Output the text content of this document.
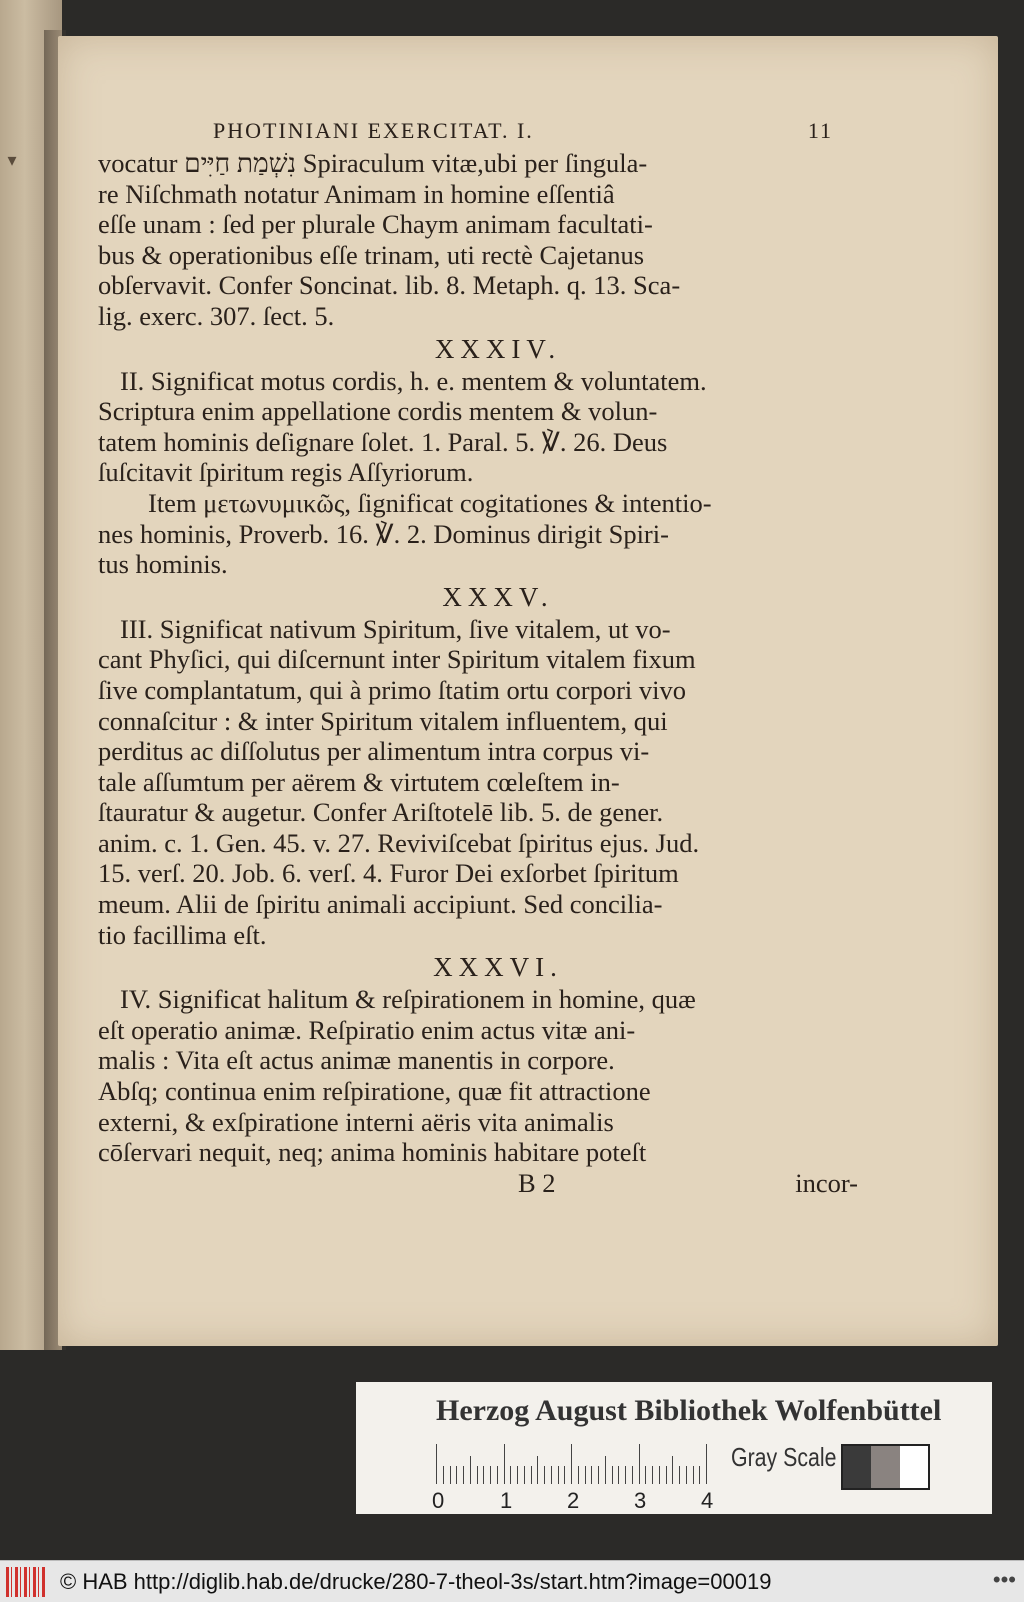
▾
PHOTINIANI EXERCITAT. I.	11
vocatur נִשְׁמַת חַיִּים Spiraculum vitæ,ubi per ſingula-
re Niſchmath notatur Animam in homine eſſentiâ
eſſe unam : ſed per plurale Chaym animam facultati-
bus & operationibus eſſe trinam, uti rectè Cajetanus
obſervavit. Confer Soncinat. lib. 8. Metaph. q. 13. Sca-
lig. exerc. 307. ſect. 5.
XXXIV.
II. Significat motus cordis, h. e. mentem & voluntatem.
Scriptura enim appellatione cordis mentem & volun-
tatem hominis deſignare ſolet. 1. Paral. 5. ℣. 26. Deus
ſuſcitavit ſpiritum regis Aſſyriorum.
Item μετωνυμικῶς, ſignificat cogitationes & intentio-
nes hominis, Proverb. 16. ℣. 2. Dominus dirigit Spiri-
tus hominis.
XXXV.
III. Significat nativum Spiritum, ſive vitalem, ut vo-
cant Phyſici, qui diſcernunt inter Spiritum vitalem fixum
ſive complantatum, qui à primo ſtatim ortu corpori vivo
connaſcitur : & inter Spiritum vitalem influentem, qui
perditus ac diſſolutus per alimentum intra corpus vi-
tale aſſumtum per aërem & virtutem cœleſtem in-
ſtauratur & augetur. Confer Ariſtotelē lib. 5. de gener.
anim. c. 1. Gen. 45. v. 27. Reviviſcebat ſpiritus ejus. Jud.
15. verſ. 20. Job. 6. verſ. 4. Furor Dei exſorbet ſpiritum
meum. Alii de ſpiritu animali accipiunt. Sed concilia-
tio facillima eſt.
XXXVI.
IV. Significat halitum & reſpirationem in homine, quæ
eſt operatio animæ. Reſpiratio enim actus vitæ ani-
malis : Vita eſt actus animæ manentis in corpore.
Abſq; continua enim reſpiratione, quæ fit attractione
externi, & exſpiratione interni aëris vita animalis
cōſervari nequit, neq; anima hominis habitare poteſt
B 2	incor-
Herzog August Bibliothek Wolfenbüttel
0	1 2 3 4
Gray Scale
© HAB http://diglib.hab.de/drucke/280-7-theol-3s/start.htm?image=00019	•••
